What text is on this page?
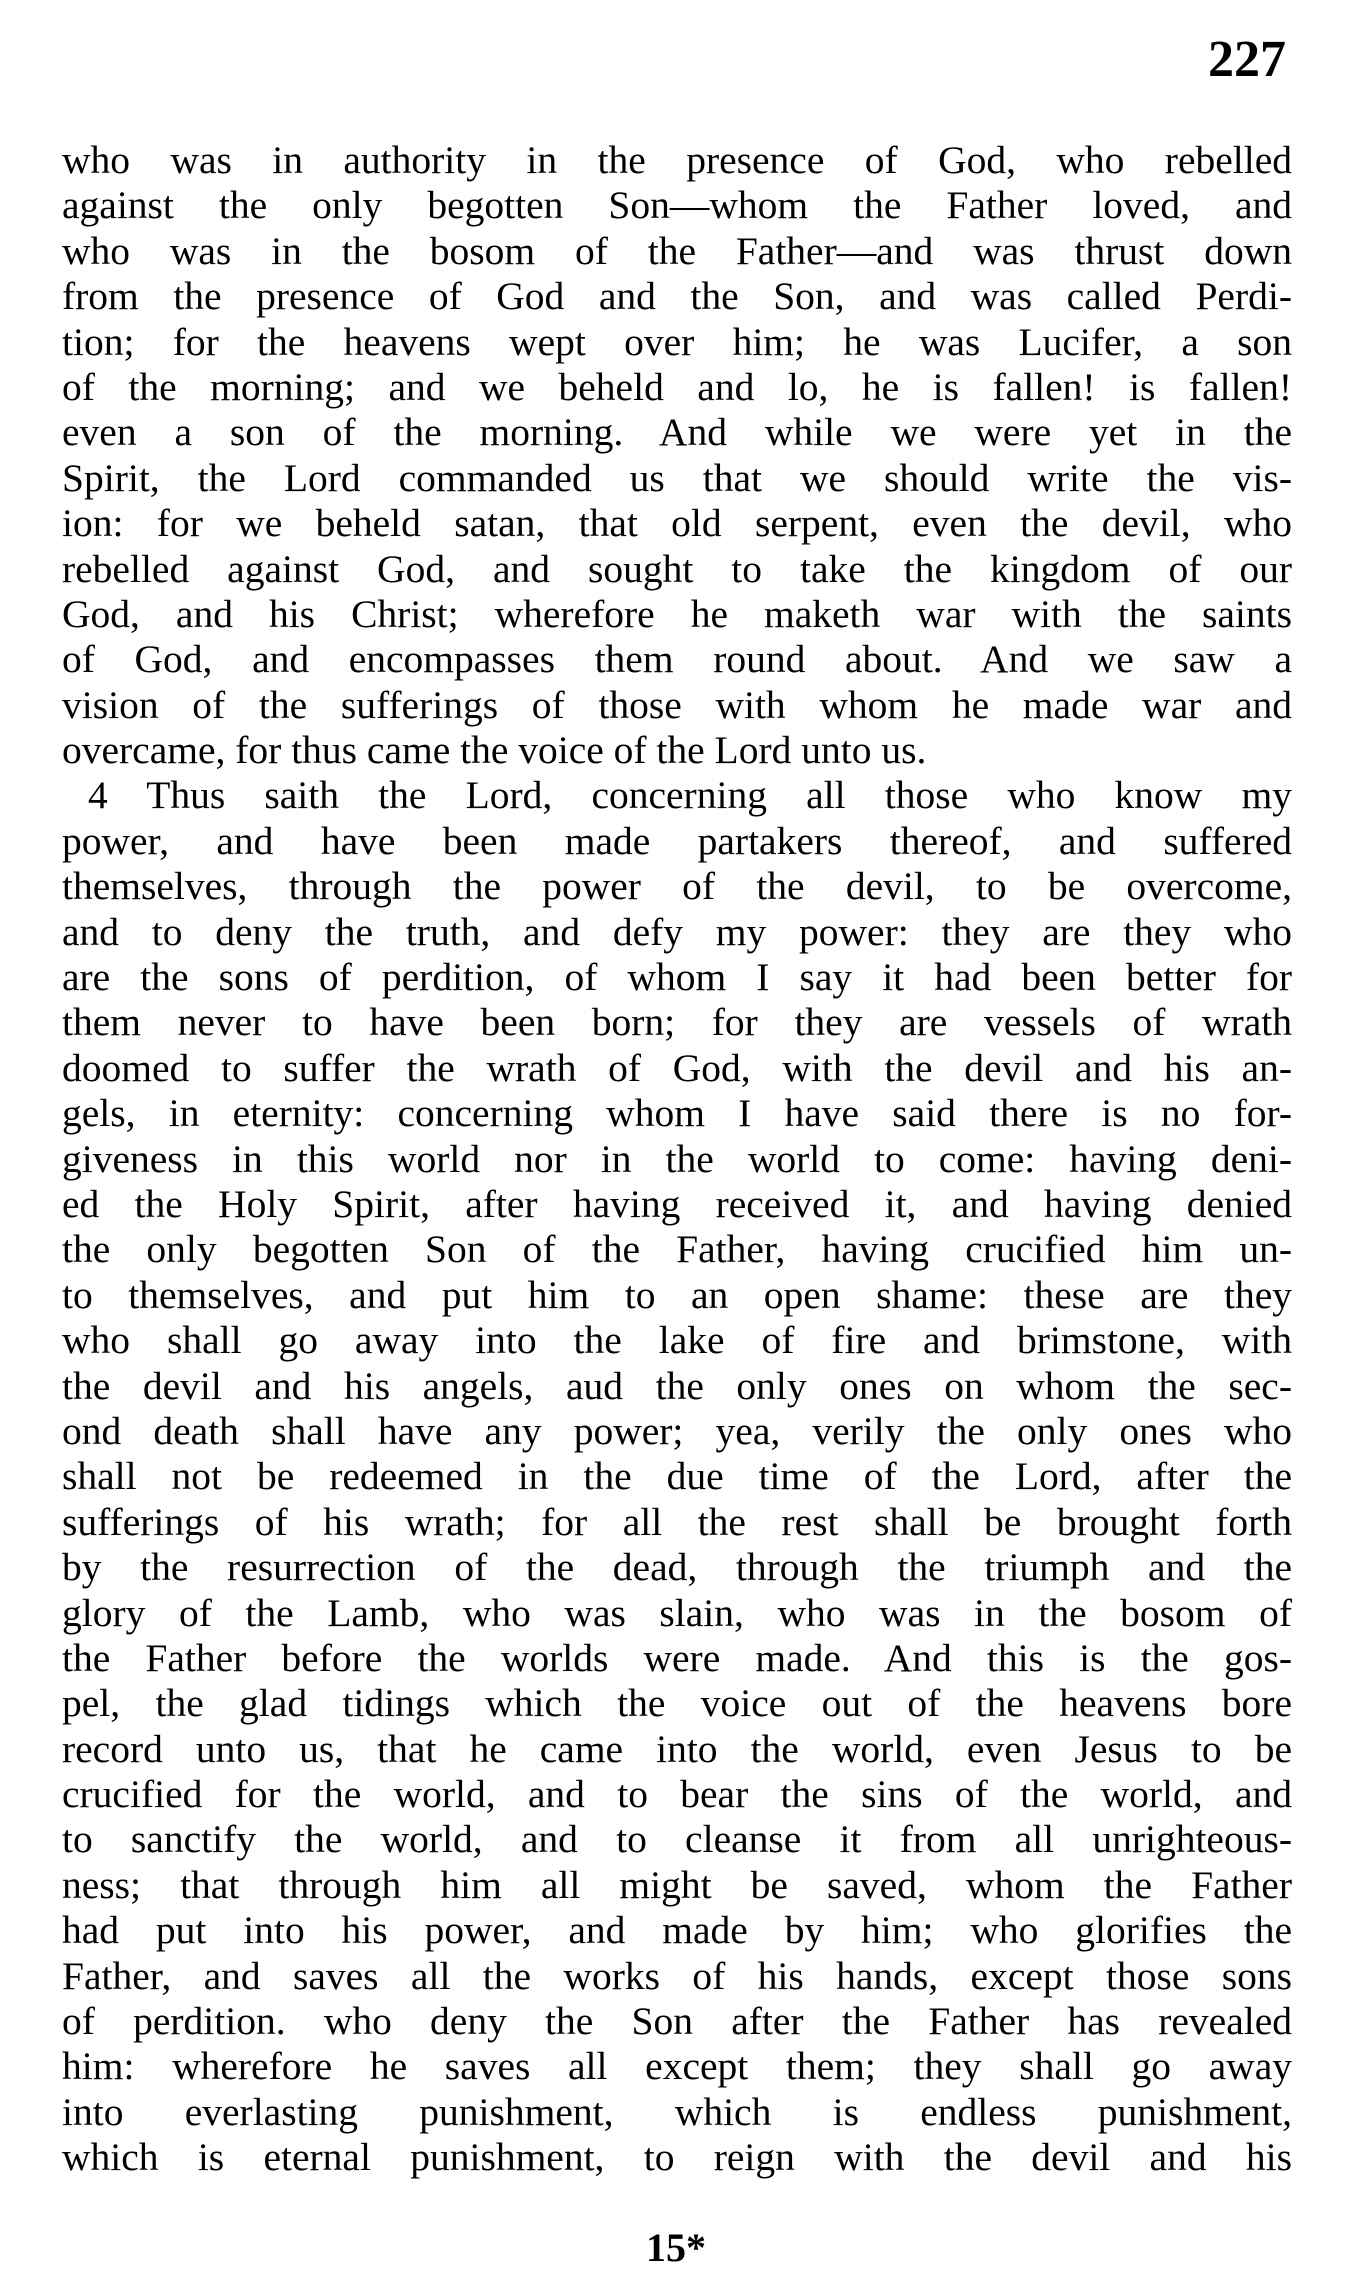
227
who was in authority in the presence of God, who rebelled
against the only begotten Son—whom the Father loved, and
who was in the bosom of the Father—and was thrust down
from the presence of God and the Son, and was called Perdi-
tion; for the heavens wept over him; he was Lucifer, a son
of the morning; and we beheld and lo, he is fallen! is fallen!
even a son of the morning. And while we were yet in the
Spirit, the Lord commanded us that we should write the vis-
ion: for we beheld satan, that old serpent, even the devil, who
rebelled against God, and sought to take the kingdom of our
God, and his Christ; wherefore he maketh war with the saints
of God, and encompasses them round about. And we saw a
vision of the sufferings of those with whom he made war and
overcame, for thus came the voice of the Lord unto us.
4 Thus saith the Lord, concerning all those who know my
power, and have been made partakers thereof, and suffered
themselves, through the power of the devil, to be overcome,
and to deny the truth, and defy my power: they are they who
are the sons of perdition, of whom I say it had been better for
them never to have been born; for they are vessels of wrath
doomed to suffer the wrath of God, with the devil and his an-
gels, in eternity: concerning whom I have said there is no for-
giveness in this world nor in the world to come: having deni-
ed the Holy Spirit, after having received it, and having denied
the only begotten Son of the Father, having crucified him un-
to themselves, and put him to an open shame: these are they
who shall go away into the lake of fire and brimstone, with
the devil and his angels, aud the only ones on whom the sec-
ond death shall have any power; yea, verily the only ones who
shall not be redeemed in the due time of the Lord, after the
sufferings of his wrath; for all the rest shall be brought forth
by the resurrection of the dead, through the triumph and the
glory of the Lamb, who was slain, who was in the bosom of
the Father before the worlds were made. And this is the gos-
pel, the glad tidings which the voice out of the heavens bore
record unto us, that he came into the world, even Jesus to be
crucified for the world, and to bear the sins of the world, and
to sanctify the world, and to cleanse it from all unrighteous-
ness; that through him all might be saved, whom the Father
had put into his power, and made by him; who glorifies the
Father, and saves all the works of his hands, except those sons
of perdition. who deny the Son after the Father has revealed
him: wherefore he saves all except them; they shall go away
into everlasting punishment, which is endless punishment,
which is eternal punishment, to reign with the devil and his
15*
